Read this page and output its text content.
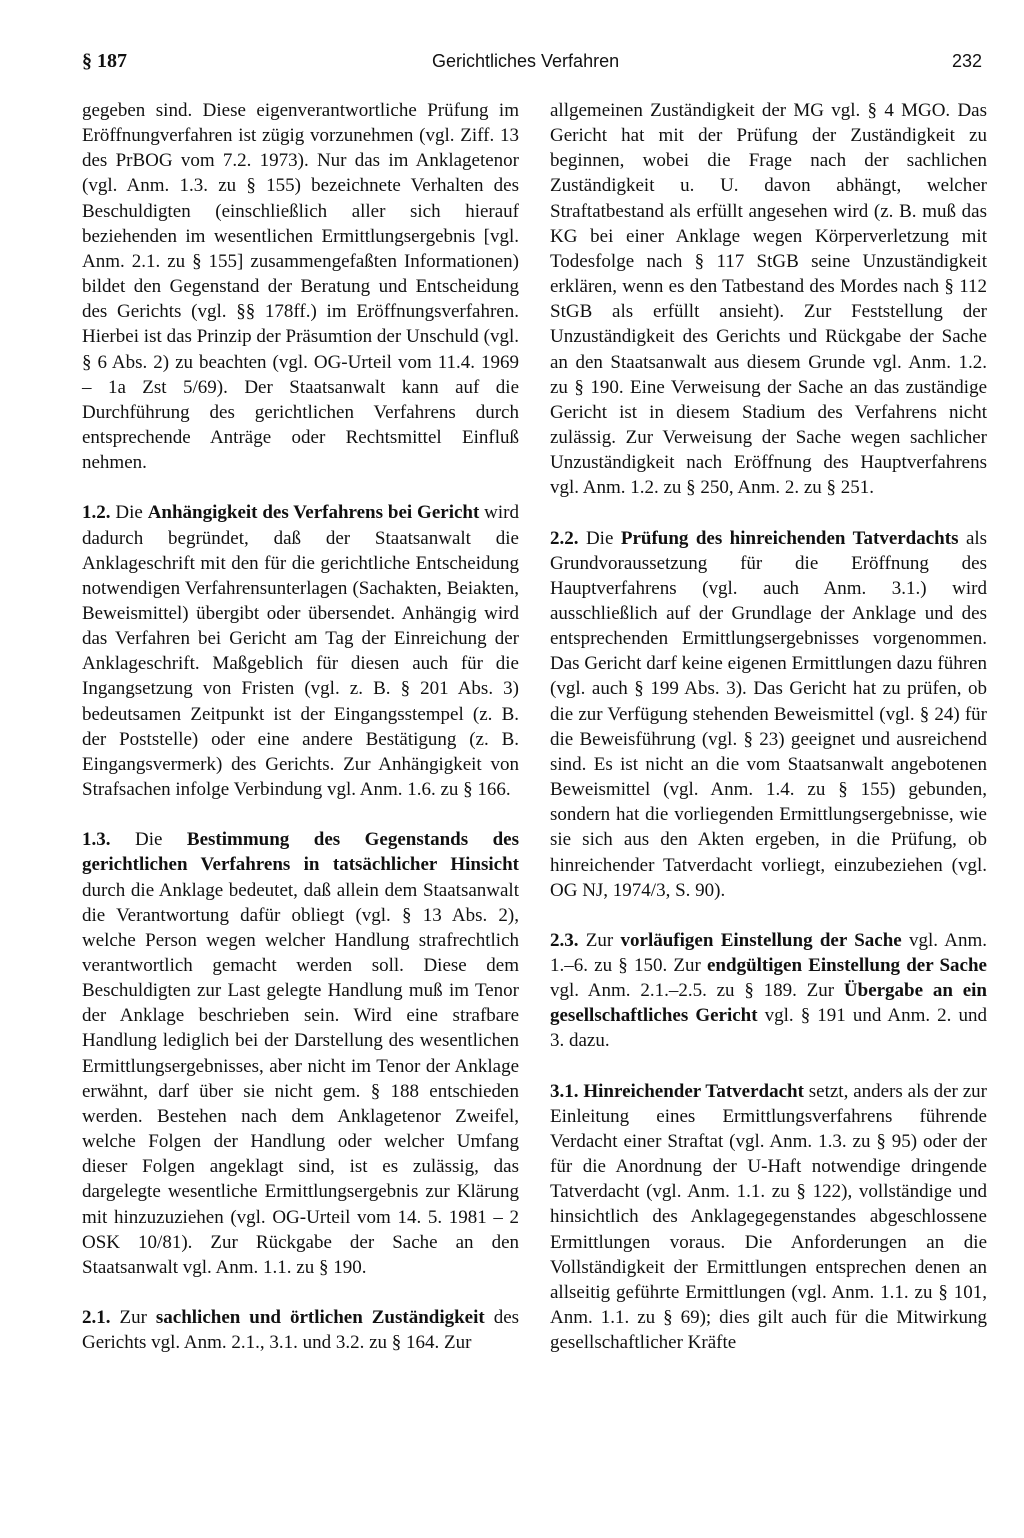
§ 187	Gerichtliches Verfahren	232

gegeben sind. Diese eigenverantwortliche Prüfung im Eröffnungverfahren ist zügig vorzunehmen (vgl. Ziff. 13 des PrBOG vom 7.2. 1973). Nur das im Anklagetenor (vgl. Anm. 1.3. zu § 155) bezeichnete Verhalten des Beschuldigten (einschließlich aller sich hierauf beziehenden im wesentlichen Ermittlungsergebnis [vgl. Anm. 2.1. zu § 155] zusammengefaßten Informationen) bildet den Gegenstand der Beratung und Entscheidung des Gerichts (vgl. §§ 178ff.) im Eröffnungsverfahren. Hierbei ist das Prinzip der Präsumtion der Unschuld (vgl. § 6 Abs. 2) zu beachten (vgl. OG-Urteil vom 11.4. 1969 – 1a Zst 5/69). Der Staatsanwalt kann auf die Durchführung des gerichtlichen Verfahrens durch entsprechende Anträge oder Rechtsmittel Einfluß nehmen.

1.2. Die Anhängigkeit des Verfahrens bei Gericht wird dadurch begründet, daß der Staatsanwalt die Anklageschrift mit den für die gerichtliche Entscheidung notwendigen Verfahrensunterlagen (Sachakten, Beiakten, Beweismittel) übergibt oder übersendet. Anhängig wird das Verfahren bei Gericht am Tag der Einreichung der Anklageschrift. Maßgeblich für diesen auch für die Ingangsetzung von Fristen (vgl. z. B. § 201 Abs. 3) bedeutsamen Zeitpunkt ist der Eingangsstempel (z. B. der Poststelle) oder eine andere Bestätigung (z. B. Eingangsvermerk) des Gerichts. Zur Anhängigkeit von Strafsachen infolge Verbindung vgl. Anm. 1.6. zu § 166.

1.3. Die Bestimmung des Gegenstands des gerichtlichen Verfahrens in tatsächlicher Hinsicht durch die Anklage bedeutet, daß allein dem Staatsanwalt die Verantwortung dafür obliegt (vgl. § 13 Abs. 2), welche Person wegen welcher Handlung strafrechtlich verantwortlich gemacht werden soll. Diese dem Beschuldigten zur Last gelegte Handlung muß im Tenor der Anklage beschrieben sein. Wird eine strafbare Handlung lediglich bei der Darstellung des wesentlichen Ermittlungsergebnisses, aber nicht im Tenor der Anklage erwähnt, darf über sie nicht gem. § 188 entschieden werden. Bestehen nach dem Anklagetenor Zweifel, welche Folgen der Handlung oder welcher Umfang dieser Folgen angeklagt sind, ist es zulässig, das dargelegte wesentliche Ermittlungsergebnis zur Klärung mit hinzuzuziehen (vgl. OG-Urteil vom 14. 5. 1981 – 2 OSK 10/81). Zur Rückgabe der Sache an den Staatsanwalt vgl. Anm. 1.1. zu § 190.

2.1. Zur sachlichen und örtlichen Zuständigkeit des Gerichts vgl. Anm. 2.1., 3.1. und 3.2. zu § 164. Zur

allgemeinen Zuständigkeit der MG vgl. § 4 MGO. Das Gericht hat mit der Prüfung der Zuständigkeit zu beginnen, wobei die Frage nach der sachlichen Zuständigkeit u. U. davon abhängt, welcher Straftatbestand als erfüllt angesehen wird (z. B. muß das KG bei einer Anklage wegen Körperverletzung mit Todesfolge nach § 117 StGB seine Unzuständigkeit erklären, wenn es den Tatbestand des Mordes nach § 112 StGB als erfüllt ansieht). Zur Feststellung der Unzuständigkeit des Gerichts und Rückgabe der Sache an den Staatsanwalt aus diesem Grunde vgl. Anm. 1.2. zu § 190. Eine Verweisung der Sache an das zuständige Gericht ist in diesem Stadium des Verfahrens nicht zulässig. Zur Verweisung der Sache wegen sachlicher Unzuständigkeit nach Eröffnung des Hauptverfahrens vgl. Anm. 1.2. zu § 250, Anm. 2. zu § 251.

2.2. Die Prüfung des hinreichenden Tatverdachts als Grundvoraussetzung für die Eröffnung des Hauptverfahrens (vgl. auch Anm. 3.1.) wird ausschließlich auf der Grundlage der Anklage und des entsprechenden Ermittlungsergebnisses vorgenommen. Das Gericht darf keine eigenen Ermittlungen dazu führen (vgl. auch § 199 Abs. 3). Das Gericht hat zu prüfen, ob die zur Verfügung stehenden Beweismittel (vgl. § 24) für die Beweisführung (vgl. § 23) geeignet und ausreichend sind. Es ist nicht an die vom Staatsanwalt angebotenen Beweismittel (vgl. Anm. 1.4. zu § 155) gebunden, sondern hat die vorliegenden Ermittlungsergebnisse, wie sie sich aus den Akten ergeben, in die Prüfung, ob hinreichender Tatverdacht vorliegt, einzubeziehen (vgl. OG NJ, 1974/3, S. 90).

2.3. Zur vorläufigen Einstellung der Sache vgl. Anm. 1.–6. zu § 150. Zur endgültigen Einstellung der Sache vgl. Anm. 2.1.–2.5. zu § 189. Zur Übergabe an ein gesellschaftliches Gericht vgl. § 191 und Anm. 2. und 3. dazu.

3.1. Hinreichender Tatverdacht setzt, anders als der zur Einleitung eines Ermittlungsverfahrens führende Verdacht einer Straftat (vgl. Anm. 1.3. zu § 95) oder der für die Anordnung der U-Haft notwendige dringende Tatverdacht (vgl. Anm. 1.1. zu § 122), vollständige und hinsichtlich des Anklagegegenstandes abgeschlossene Ermittlungen voraus. Die Anforderungen an die Vollständigkeit der Ermittlungen entsprechen denen an allseitig geführte Ermittlungen (vgl. Anm. 1.1. zu § 101, Anm. 1.1. zu § 69); dies gilt auch für die Mitwirkung gesellschaftlicher Kräfte
